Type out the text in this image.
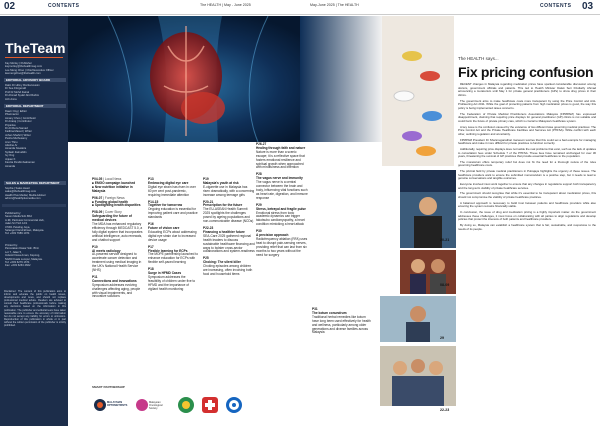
02	CONTENTS	The HEALTH | May - June 2025
TheTeam
Kay Morley | Publisher
kaymorley@thehealthmag.com
Lee Meng Choo | Chief Executive Officer
leemengchoo@thehealth.com
EDITORIAL ADVISORY BOARD
Datin Dr Hilmy Rozita Hussin
Dr Sue Fitzgerald
Prof Dr Mohd Zainal
Dr Ahmad Syukri Abd Rahim
Anh Anna
EDITORIAL DEPARTMENT
Dawn Ong | Editor
Pharmacist
Amany Choo | Contributor
Dr Ariaraj | Contributor
Priyanka
Dr Ali Reza Samad
Fadlina Masud | Writer
Johan Shahril | Writer
Pusha Muthusamy
Arun Thiru
Adeline Ar
Amanda Nowaiza
Syifaah Zainuddin
Ivy Ong
Jojean K
Fauzia Pendimbakraman
Amanda
SALES & MARKETING DEPARTMENT
Sophia | Sales Head
sales@thehealthmag.com
Health Plus Media | Media Advisor
admin@healthplusmedia.com
Published by:
Seven Media Sdn Bhd
A-9F, Parkview Commercial Hub,
Jalan Sri Tioh 12/1
47301 Petaling Jaya,
Selangor Darul Ehsan, Malaysia.
Tel: +603 7689 1974
Printed by:
Percetakan Dasar Sdn. Bhd.
Lot 7, Jalan 5,
Industri Desa Aman, Kepong,
52200 Kuala Lumpur, Malaysia.
Tel: +603 6279 1674
Fax: +603 6263 4662
Disclaimer: The content of this publication aims to inform and educate the public on health issues, developments and news, and should not replace professional medical advice. Readers are advised to consult their healthcare professionals before making any decisions based on the information in this publication. The publisher and editorial team have taken reasonable care to ensure the accuracy of information but do not accept any liability for errors or omissions. Reproduction of this publication in whole or in part without the written permission of the publisher is strictly prohibited.
P04-05 | Local News
■ EMGO campaign launched
■ New nutrition initiative in Malaysia
P06-07 | Foreign News
■ Funding global health
■ Spotlighting health disparities
P08-09 | Cover Story
Safeguarding the future of medical devices
The MDA has enhanced regulatory efficiency through MEDCAST 5.0, a fully digital system that incorporates artificial intelligence, auto renewals, and chatbot support
P10
AI meets radiology
AI-powered service designed to accelerate cancer detection and treatment using medical imaging in the UK's National Health Service (NHS)
P11
Connections and innovations
Symposium addresses evolving challenges affecting aging, people with visual impairments, and innovative solutions
P13
Embracing digital eye care
Digital eye strain has risen in over 60 per cent post-pandemic, requiring immediate attention
P14-15
Together for tomorrow
Ongoing education is essential for improving patient care and practice standards
P16
Future of vision care
Educating ECPs about addressing digital eye strain due to increased device usage
P17
Flexible learning for ECPs
The MOPE partnership launched to enhance education for ECPs with flexible self-paced learning
P18
Surge in HFMD Cases
Symposium addresses the feasibility of children under five to HFMD and the importance of vigilant health monitoring
P19
Malaysia's youth at risk
E-cigarette use in Malaysia has risen dramatically, with a concerning increase among teenage girls
P20-21
Prescription for the future
The EU-ASEAN Health Summit 2025 spotlights the challenges posed by ageing populations and non-communicable disease (NCDs)
P22-23
Financing a healthier future
SEA-Care 2025 gathered regional health leaders to discuss sustainable healthcare financing and ways to bolster cross-sector collaborations and system-readiness
P25
Choking: The silent killer
Choking episodes among children are increasing, often involving both food and household items
P26-27
Healing through faith and nature
Nature is more than a scenic escape; it is a reflective space that fosters emotional resilience and spiritual growth when approached with mindfulness and intention
P28
The vagus nerve and immunity
The vagus nerve is a central connector between the brain and body, influencing vital functions such as heart rate, digestion, and immune response
P29
Stress, betrayal and fragile pulse
Emotional stress from toxic academic dynamics can trigger takotsubo cardiomyopathy, a heart condition mimicking a heart attack
P30
A precision approach
Radiofrequency ablation (RFA) uses heat to disrupt pain-sensing nerves, providing relief that can last from six months to two years without the need for surgery
P31
The kotum conundrum
Traditional herbal remedies like kotum have long been used effectively for health and wellness, particularly among older generations and diverse families across Malaysia
SMART PARTNERSHIP
MALAYSIAN OPTOMETRISTS
Malaysian Oncological Society
May-June 2025 | The HEALTH	CONTENTS 03
20-21
08-09
29
22-23
The HEALTH says...
Fix pricing confusion

RECENT changes in Malaysia regarding medication prices have sparked considerable discussion among doctors, government officials and patients. This led to Health Minister Datuk Seri Dzulkefly Ahmad announcing a moratorium until May 1 for private general practitioners (GPs) to show drug prices in their clinics.

The government aims to make healthcare costs more transparent by using the Price Control and Anti-Profiteering Act 2011. While the goal of protecting patients from high medication prices is good, the way this policy is being implemented raises concerns.

The Federation of Private Medical Practitioners Associations Malaysia (FPMPAM) has expressed disappointment, claiming that requiring price displays for general practitioner (GP) clinics is not suitable and could harm the future of private primary care, which is crucial to Malaysia's healthcare system.

A key issue is the confusion caused by the existence of two different laws governing medical practices: The Price Control Act and the Private Healthcare Facilities and Services Act (PHFSA). While conflict with each other, outlining regulation and uncertainty.

FPMPAM President Dr Shanmuganathan Ganeson worries that this could set a bad example for managing healthcare and make it more difficult for private practices to function correctly.

Additionally, requiring price displays does not tackle the real problems that exist, such as the lack of updates to consultation fees under Schedule 7 of the PHFSA. These fees have remained unchanged for over 30 years, threatening the survival of GP practices that provide essential healthcare to the population.

The moratorium offers temporary relief but does not fix the need for a thorough review of the rules governing healthcare costs.

The pricinal field by private medical practitioners in Putrajaya highlights the urgency of these issues. The healthcare providers want to ensure the submitted memorandum is a positive step, but it needs to lead to genuine conversations and tangible outcomes.

Everyone involved must work together to ensure that any changes in regulations support both transparency and the long-term viability of private healthcare services.

The government should recognise that while it's essential to be transparent about medication prices, this should not compromise the viability of private healthcare practices.

A balanced approach is necessary to build trust between patients and healthcare providers while also ensuring the system remains financially stable.

In conclusion, the issue of drug and medication pricing is a highly important matter. As the government addresses these challenges, it must focus on collaborating with all parties to align regulations and develop policies that protect the interests of both patients and healthcare providers.

By doing so, Malaysia can establish a healthcare system that is fair, sustainable, and responsive to the needs of its people.
